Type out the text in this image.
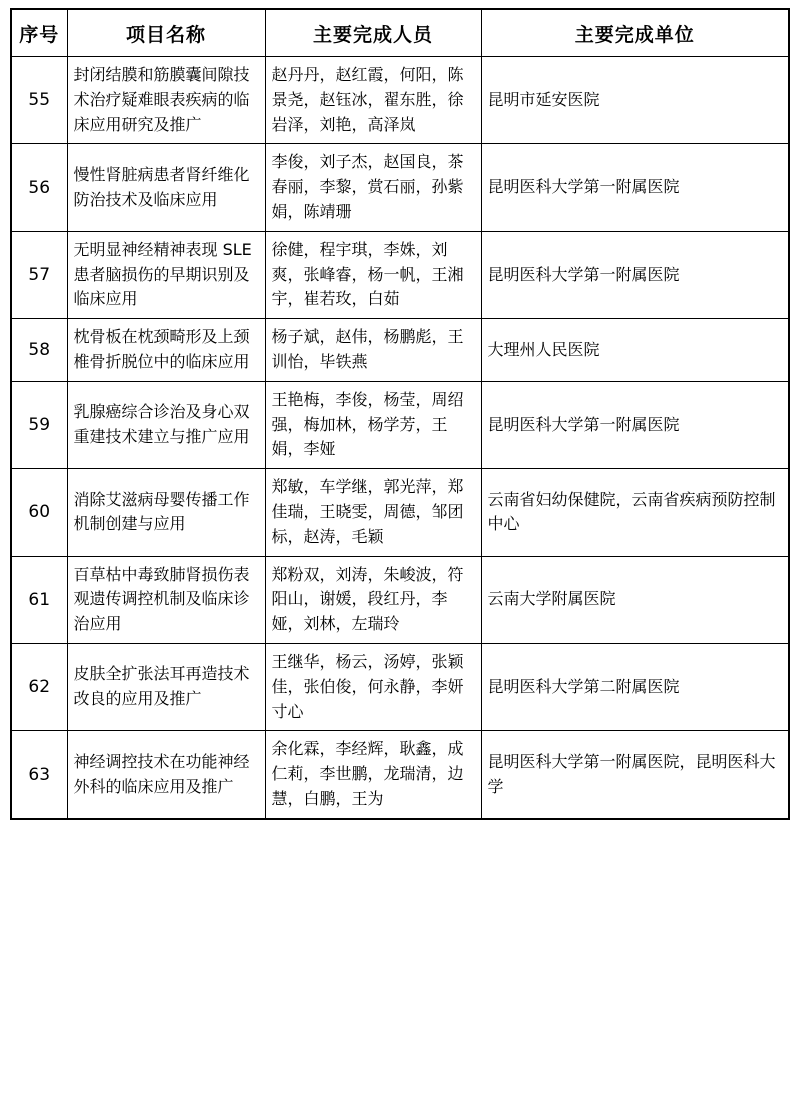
序号	项目名称	主要完成人员	主要完成单位
55	封闭结膜和筋膜囊间隙技术治疗疑难眼表疾病的临床应用研究及推广	赵丹丹，赵红霞，何阳，陈景尧，赵钰冰，翟东胜，徐岩泽，刘艳，高泽岚	昆明市延安医院
56	慢性肾脏病患者肾纤维化防治技术及临床应用	李俊，刘子杰，赵国良，茶春丽，李黎，赏石丽，孙紫娟，陈靖珊	昆明医科大学第一附属医院
57	无明显神经精神表现 SLE 患者脑损伤的早期识别及临床应用	徐健，程宇琪，李姝，刘爽，张峰睿，杨一帆，王湘宇，崔若玫，白茹	昆明医科大学第一附属医院
58	枕骨板在枕颈畸形及上颈椎骨折脱位中的临床应用	杨子斌，赵伟，杨鹏彪，王训怡，毕铁燕	大理州人民医院
59	乳腺癌综合诊治及身心双重建技术建立与推广应用	王艳梅，李俊，杨莹，周绍强，梅加林，杨学芳，王娟，李娅	昆明医科大学第一附属医院
60	消除艾滋病母婴传播工作机制创建与应用	郑敏，车学继，郭光萍，郑佳瑞，王晓雯，周德，邹团标，赵涛，毛颖	云南省妇幼保健院，云南省疾病预防控制中心
61	百草枯中毒致肺肾损伤表观遗传调控机制及临床诊治应用	郑粉双，刘涛，朱峻波，符阳山，谢媛，段红丹，李娅，刘林，左瑞玲	云南大学附属医院
62	皮肤全扩张法耳再造技术改良的应用及推广	王继华，杨云，汤婷，张颖佳，张伯俊，何永静，李妍寸心	昆明医科大学第二附属医院
63	神经调控技术在功能神经外科的临床应用及推广	余化霖，李经辉，耿鑫，成仁莉，李世鹏，龙瑞清，边慧，白鹏，王为	昆明医科大学第一附属医院，昆明医科大学
